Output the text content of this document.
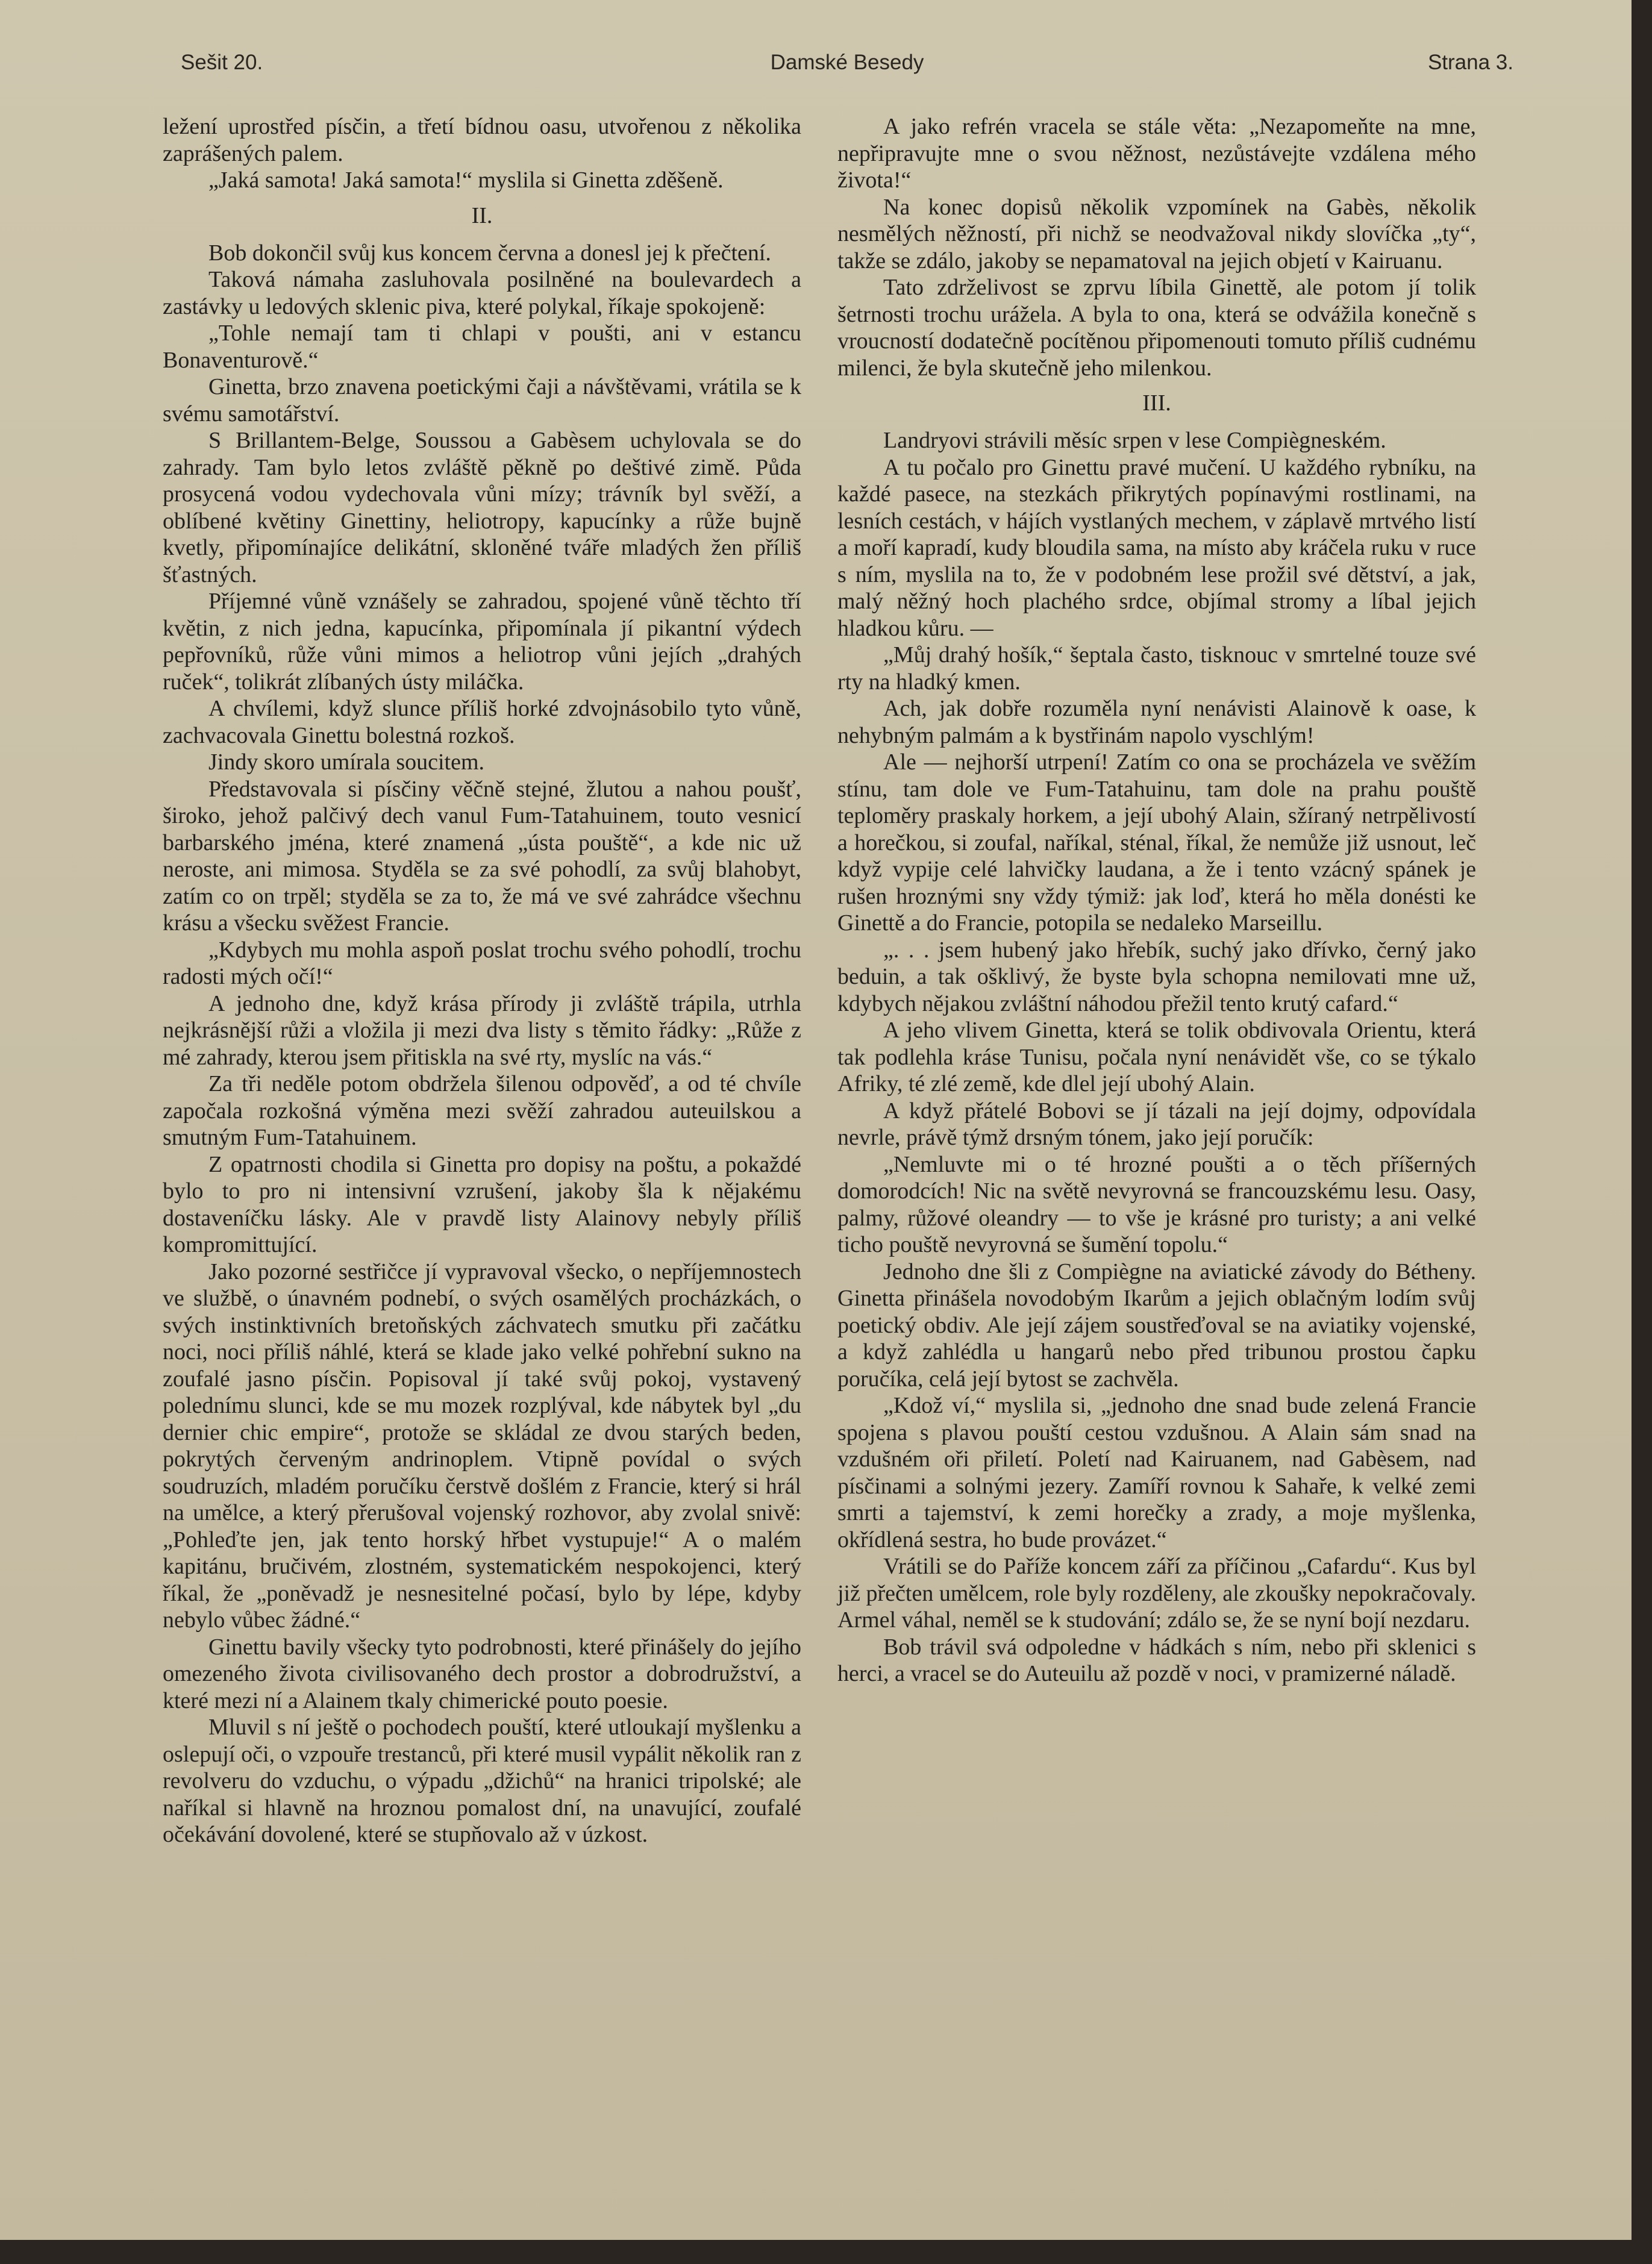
Sešit 20.	Damské Besedy	Strana 3.

ležení uprostřed písčin, a třetí bídnou oasu, utvořenou z několika zaprášených palem.

„Jaká samota! Jaká samota!“ myslila si Ginetta zděšeně.

II.

Bob dokončil svůj kus koncem června a donesl jej k přečtení.

Taková námaha zasluhovala posilněné na boulevardech a zastávky u ledových sklenic piva, které polykal, říkaje spokojeně:

„Tohle nemají tam ti chlapi v poušti, ani v estancu Bonaventurově.“

Ginetta, brzo znavena poetickými čaji a návštěvami, vrátila se k svému samotářství.

S Brillantem-Belge, Soussou a Gabèsem uchylovala se do zahrady. Tam bylo letos zvláště pěkně po deštivé zimě. Půda prosycená vodou vydechovala vůni mízy; trávník byl svěží, a oblíbené květiny Ginettiny, heliotropy, kapucínky a růže bujně kvetly, připomínajíce delikátní, skloněné tváře mladých žen příliš šťastných.

Příjemné vůně vznášely se zahradou, spojené vůně těchto tří květin, z nich jedna, kapucínka, připomínala jí pikantní výdech pepřovníků, růže vůni mimos a heliotrop vůni jejích „drahých ruček“, tolikrát zlíbaných ústy miláčka.

A chvílemi, když slunce příliš horké zdvojnásobilo tyto vůně, zachvacovala Ginettu bolestná rozkoš.

Jindy skoro umírala soucitem.

Představovala si písčiny věčně stejné, žlutou a nahou poušť, široko, jehož palčivý dech vanul Fum-Tatahuinem, touto vesnicí barbarského jména, které znamená „ústa pouště“, a kde nic už neroste, ani mimosa. Styděla se za své pohodlí, za svůj blahobyt, zatím co on trpěl; styděla se za to, že má ve své zahrádce všechnu krásu a všecku svěžest Francie.

„Kdybych mu mohla aspoň poslat trochu svého pohodlí, trochu radosti mých očí!“

A jednoho dne, když krása přírody ji zvláště trápila, utrhla nejkrásnější růži a vložila ji mezi dva listy s těmito řádky: „Růže z mé zahrady, kterou jsem přitiskla na své rty, myslíc na vás.“

Za tři neděle potom obdržela šilenou odpověď, a od té chvíle započala rozkošná výměna mezi svěží zahradou auteuilskou a smutným Fum-Tatahuinem.

Z opatrnosti chodila si Ginetta pro dopisy na poštu, a pokaždé bylo to pro ni intensivní vzrušení, jakoby šla k nějakému dostaveníčku lásky. Ale v pravdě listy Alainovy nebyly příliš kompromittující.

Jako pozorné sestřičce jí vypravoval všecko, o nepříjemnostech ve službě, o únavném podnebí, o svých osamělých procházkách, o svých instinktivních bretoňských záchvatech smutku při začátku noci, noci příliš náhlé, která se klade jako velké pohřební sukno na zoufalé jasno písčin. Popisoval jí také svůj pokoj, vystavený polednímu slunci, kde se mu mozek rozplýval, kde nábytek byl „du dernier chic empire“, protože se skládal ze dvou starých beden, pokrytých červeným andrinoplem. Vtipně povídal o svých soudruzích, mladém poručíku čerstvě došlém z Francie, který si hrál na umělce, a který přerušoval vojenský rozhovor, aby zvolal snivě: „Pohleďte jen, jak tento horský hřbet vystupuje!“ A o malém kapitánu, bručivém, zlostném, systematickém nespokojenci, který říkal, že „poněvadž je nesnesitelné počasí, bylo by lépe, kdyby nebylo vůbec žádné.“

Ginettu bavily všecky tyto podrobnosti, které přinášely do jejího omezeného života civilisovaného dech prostor a dobrodružství, a které mezi ní a Alainem tkaly chimerické pouto poesie.

Mluvil s ní ještě o pochodech pouští, které utloukají myšlenku a oslepují oči, o vzpouře trestanců, při které musil vypálit několik ran z revolveru do vzduchu, o výpadu „džichů“ na hranici tripolské; ale naříkal si hlavně na hroznou pomalost dní, na unavující, zoufalé očekávání dovolené, které se stupňovalo až v úzkost.

A jako refrén vracela se stále věta: „Nezapomeňte na mne, nepřipravujte mne o svou něžnost, nezůstávejte vzdálena mého života!“

Na konec dopisů několik vzpomínek na Gabès, několik nesmělých něžností, při nichž se neodvažoval nikdy slovíčka „ty“, takže se zdálo, jakoby se nepamatoval na jejich objetí v Kairuanu.

Tato zdrželivost se zprvu líbila Ginettě, ale potom jí tolik šetrnosti trochu urážela. A byla to ona, která se odvážila konečně s vroucností dodatečně pocítěnou připomenouti tomuto příliš cudnému milenci, že byla skutečně jeho milenkou.

III.

Landryovi strávili měsíc srpen v lese Compiègneském.

A tu počalo pro Ginettu pravé mučení. U každého rybníku, na každé pasece, na stezkách přikrytých popínavými rostlinami, na lesních cestách, v hájích vystlaných mechem, v záplavě mrtvého listí a moří kapradí, kudy bloudila sama, na místo aby kráčela ruku v ruce s ním, myslila na to, že v podobném lese prožil své dětství, a jak, malý něžný hoch plachého srdce, objímal stromy a líbal jejich hladkou kůru. —

„Můj drahý hošík,“ šeptala často, tisknouc v smrtelné touze své rty na hladký kmen.

Ach, jak dobře rozuměla nyní nenávisti Alainově k oase, k nehybným palmám a k bystřinám napolo vyschlým!

Ale — nejhorší utrpení! Zatím co ona se procházela ve svěžím stínu, tam dole ve Fum-Tatahuinu, tam dole na prahu pouště teploměry praskaly horkem, a její ubohý Alain, sžíraný netrpělivostí a horečkou, si zoufal, naříkal, sténal, říkal, že nemůže již usnout, leč když vypije celé lahvičky laudana, a že i tento vzácný spánek je rušen hroznými sny vždy týmiž: jak loď, která ho měla donésti ke Ginettě a do Francie, potopila se nedaleko Marseillu.

„. . . jsem hubený jako hřebík, suchý jako dřívko, černý jako beduin, a tak ošklivý, že byste byla schopna nemilovati mne už, kdybych nějakou zvláštní náhodou přežil tento krutý cafard.“

A jeho vlivem Ginetta, která se tolik obdivovala Orientu, která tak podlehla kráse Tunisu, počala nyní nenávidět vše, co se týkalo Afriky, té zlé země, kde dlel její ubohý Alain.

A když přátelé Bobovi se jí tázali na její dojmy, odpovídala nevrle, právě týmž drsným tónem, jako její poručík:

„Nemluvte mi o té hrozné poušti a o těch příšerných domorodcích! Nic na světě nevyrovná se francouzskému lesu. Oasy, palmy, růžové oleandry — to vše je krásné pro turisty; a ani velké ticho pouště nevyrovná se šumění topolu.“

Jednoho dne šli z Compiègne na aviatické závody do Bétheny. Ginetta přinášela novodobým Ikarům a jejich oblačným lodím svůj poetický obdiv. Ale její zájem soustřeďoval se na aviatiky vojenské, a když zahlédla u hangarů nebo před tribunou prostou čapku poručíka, celá její bytost se zachvěla.

„Kdož ví,“ myslila si, „jednoho dne snad bude zelená Francie spojena s plavou pouští cestou vzdušnou. A Alain sám snad na vzdušném oři přiletí. Poletí nad Kairuanem, nad Gabèsem, nad písčinami a solnými jezery. Zamíří rovnou k Sahaře, k velké zemi smrti a tajemství, k zemi horečky a zrady, a moje myšlenka, okřídlená sestra, ho bude provázet.“

Vrátili se do Paříže koncem září za příčinou „Cafardu“. Kus byl již přečten umělcem, role byly rozděleny, ale zkoušky nepokračovaly. Armel váhal, neměl se k studování; zdálo se, že se nyní bojí nezdaru.

Bob trávil svá odpoledne v hádkách s ním, nebo při sklenici s herci, a vracel se do Auteuilu až pozdě v noci, v pramizerné náladě.
